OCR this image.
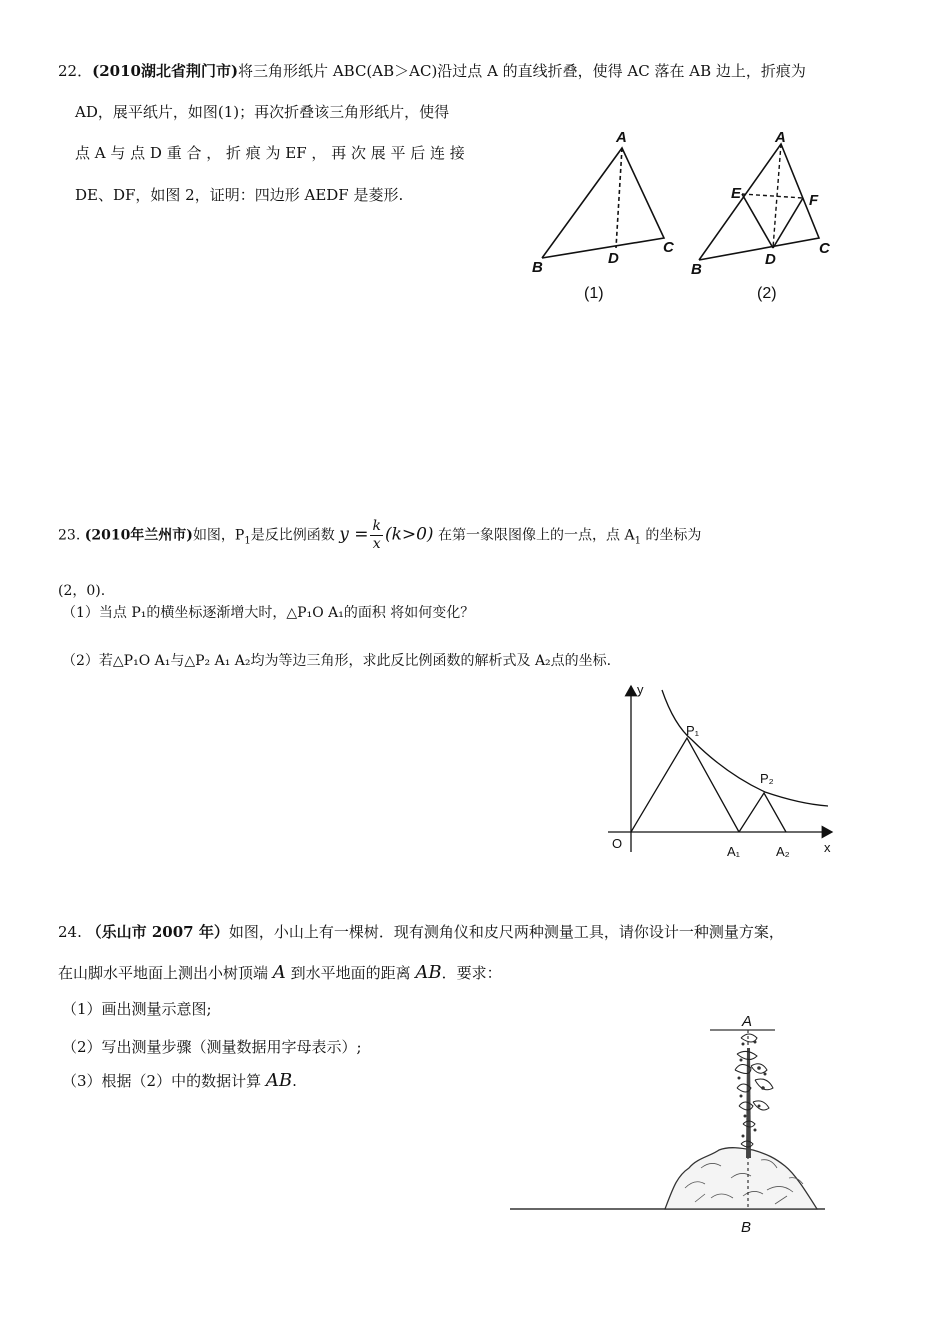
22．(2010湖北省荆门市)将三角形纸片 ABC(AB＞AC)沿过点 A 的直线折叠，使得 AC 落在 AB 边上，折痕为
AD，展平纸片，如图(1)；再次折叠该三角形纸片，使得
点 A 与 点 D 重 合 ， 折 痕 为 EF ， 再 次 展 平 后 连 接
DE、DF，如图 2，证明：四边形 AEDF 是菱形.
A
B
C
D
(1)
A
B
C
D
E	F
(2)
23. (2010年兰州市)如图，$P_1$是反比例函数 $y = \frac{k}{x} (k>0)$ 在第一象限图像上的一点，点 $A_1$ 的坐标为
(2，0).
（1）当点 P₁的横坐标逐渐增大时，△P₁O A₁的面积 将如何变化？
（2）若△P₁O A₁与△P₂ A₁ A₂均为等边三角形，求此反比例函数的解析式及 A₂点的坐标.
y
x
O
P₁
P₂
A₁	A₂
24. （乐山市 2007 年）如图，小山上有一棵树．现有测角仪和皮尺两种测量工具，请你设计一种测量方案，
在山脚水平地面上测出小树顶端 A 到水平地面的距离 AB．要求：
（1）画出测量示意图;
（2）写出测量步骤（测量数据用字母表示）;
（3）根据（2）中的数据计算 AB.
A
B
